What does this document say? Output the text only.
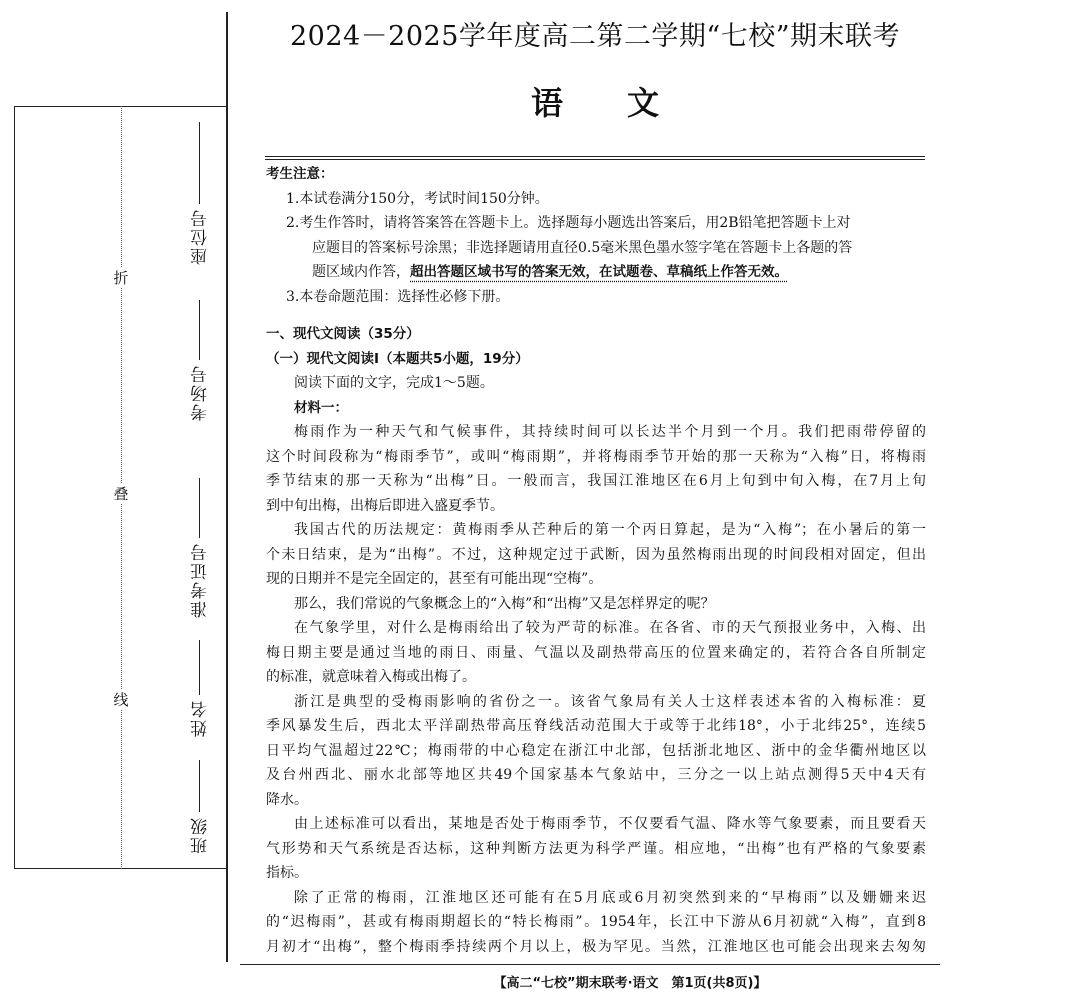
折
叠
线
座位号
考场号
准考证号
姓名
班级
2024－2025学年度高二第二学期“七校”期末联考
语　　文
考生注意：
1.本试卷满分150分，考试时间150分钟。
2.考生作答时，请将答案答在答题卡上。选择题每小题选出答案后，用2B铅笔把答题卡上对
应题目的答案标号涂黑；非选择题请用直径0.5毫米黑色墨水签字笔在答题卡上各题的答
题区域内作答，超出答题区域书写的答案无效，在试题卷、草稿纸上作答无效。
3.本卷命题范围：选择性必修下册。
一、现代文阅读（35分）
（一）现代文阅读Ⅰ（本题共5小题，19分）
阅读下面的文字，完成1～5题。
材料一：
梅雨作为一种天气和气候事件，其持续时间可以长达半个月到一个月。我们把雨带停留的
这个时间段称为“梅雨季节”，或叫“梅雨期”，并将梅雨季节开始的那一天称为“入梅”日，将梅雨
季节结束的那一天称为“出梅”日。一般而言，我国江淮地区在6月上旬到中旬入梅，在7月上旬
到中旬出梅，出梅后即进入盛夏季节。
我国古代的历法规定：黄梅雨季从芒种后的第一个丙日算起，是为“入梅”；在小暑后的第一
个未日结束，是为“出梅”。不过，这种规定过于武断，因为虽然梅雨出现的时间段相对固定，但出
现的日期并不是完全固定的，甚至有可能出现“空梅”。
那么，我们常说的气象概念上的“入梅”和“出梅”又是怎样界定的呢？
在气象学里，对什么是梅雨给出了较为严苛的标准。在各省、市的天气预报业务中，入梅、出
梅日期主要是通过当地的雨日、雨量、气温以及副热带高压的位置来确定的，若符合各自所制定
的标准，就意味着入梅或出梅了。
浙江是典型的受梅雨影响的省份之一。该省气象局有关人士这样表述本省的入梅标准：夏
季风暴发生后，西北太平洋副热带高压脊线活动范围大于或等于北纬18°，小于北纬25°，连续5
日平均气温超过22℃；梅雨带的中心稳定在浙江中北部，包括浙北地区、浙中的金华衢州地区以
及台州西北、丽水北部等地区共49个国家基本气象站中，三分之一以上站点测得5天中4天有
降水。
由上述标准可以看出，某地是否处于梅雨季节，不仅要看气温、降水等气象要素，而且要看天
气形势和天气系统是否达标，这种判断方法更为科学严谨。相应地，“出梅”也有严格的气象要素
指标。
除了正常的梅雨，江淮地区还可能有在5月底或6月初突然到来的“早梅雨”以及姗姗来迟
的“迟梅雨”，甚或有梅雨期超长的“特长梅雨”。1954年，长江中下游从6月初就“入梅”，直到8
月初才“出梅”，整个梅雨季持续两个月以上，极为罕见。当然，江淮地区也可能会出现来去匆匆
【高二“七校”期末联考·语文　第1页(共8页)】
